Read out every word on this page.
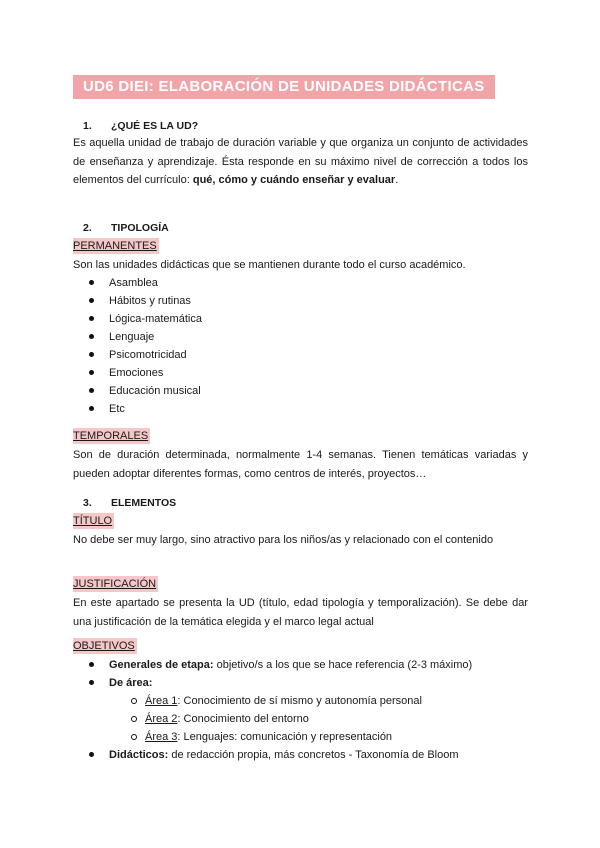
UD6 DIEI: ELABORACIÓN DE UNIDADES DIDÁCTICAS
1. ¿QUÉ ES LA UD?
Es aquella unidad de trabajo de duración variable y que organiza un conjunto de actividades de enseñanza y aprendizaje. Ésta responde en su máximo nivel de corrección a todos los elementos del currículo: qué, cómo y cuándo enseñar y evaluar.
2. TIPOLOGÍA
PERMANENTES
Son las unidades didácticas que se mantienen durante todo el curso académico.
Asamblea
Hábitos y rutinas
Lógica-matemática
Lenguaje
Psicomotricidad
Emociones
Educación musical
Etc
TEMPORALES
Son de duración determinada, normalmente 1-4 semanas. Tienen temáticas variadas y pueden adoptar diferentes formas, como centros de interés, proyectos…
3. ELEMENTOS
TÍTULO
No debe ser muy largo, sino atractivo para los niños/as y relacionado con el contenido
JUSTIFICACIÓN
En este apartado se presenta la UD (título, edad tipología y temporalización). Se debe dar una justificación de la temática elegida y el marco legal actual
OBJETIVOS
Generales de etapa: objetivo/s a los que se hace referencia (2-3 máximo)
De área:
Área 1: Conocimiento de sí mismo y autonomía personal
Área 2: Conocimiento del entorno
Área 3: Lenguajes: comunicación y representación
Didácticos: de redacción propia, más concretos - Taxonomía de Bloom
